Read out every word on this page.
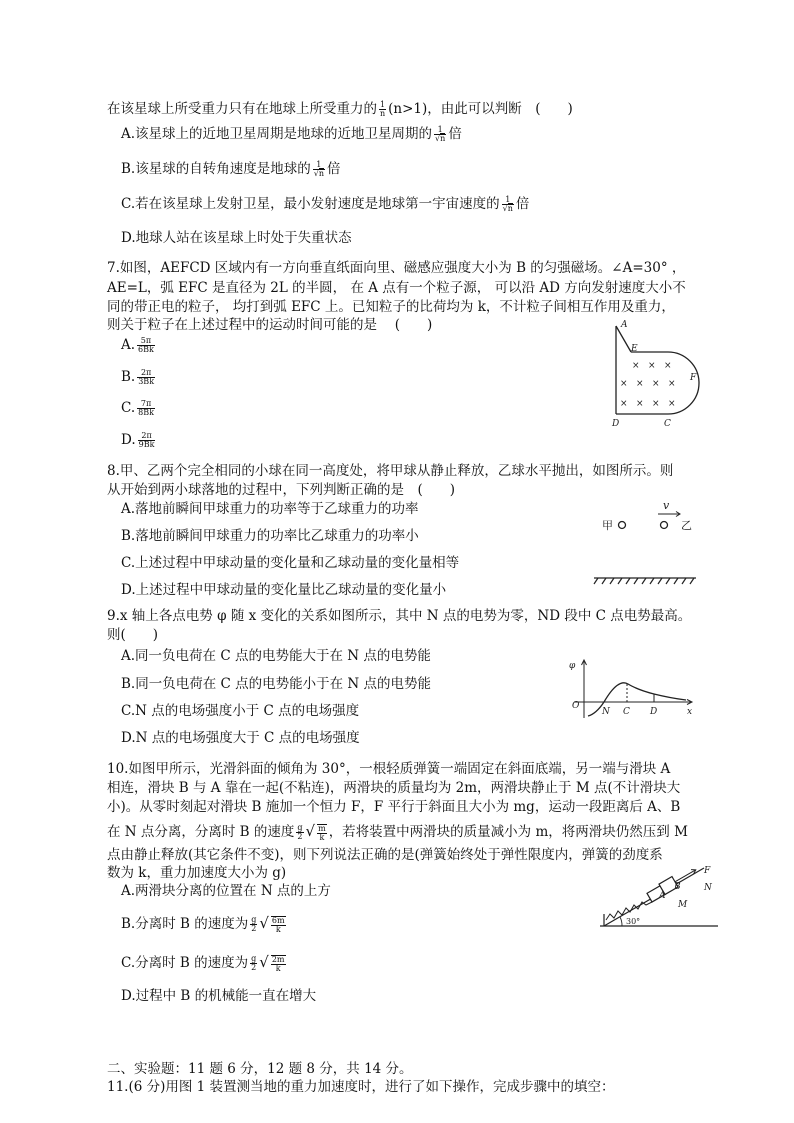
在该星球上所受重力只有在地球上所受重力的 $\frac{1}{n} (n>1)$，由此可以判断　(　　)
A.该星球上的近地卫星周期是地球的近地卫星周期的 $\frac{1}{√n}$ 倍
B.该星球的自转角速度是地球的 $\frac{1}{√n}$ 倍
C.若在该星球上发射卫星，最小发射速度是地球第一宇宙速度的 $\frac{1}{√n}$ 倍
D.地球人站在该星球上时处于失重状态
7.如图，AEFCD 区域内有一方向垂直纸面向里、磁感应强度大小为 B 的匀强磁场。∠A=30° ，
AE=L，弧 EFC 是直径为 2L 的半圆， 在 A 点有一个粒子源， 可以沿 AD 方向发射速度大小不
同的带正电的粒子， 均打到弧 EFC 上。已知粒子的比荷均为 k，不计粒子间相互作用及重力，
则关于粒子在上述过程中的运动时间可能的是　 (　　)
A. $\frac{5\pi}{6Bk}$
B. $\frac{2\pi}{3Bk}$
C. $\frac{7\pi}{8Bk}$
D. $\frac{2\pi}{9Bk}$
A
E
F
D	C
× × ×
× × × ×
× × × ×
8.甲、乙两个完全相同的小球在同一高度处，将甲球从静止释放，乙球水平抛出，如图所示。则
从开始到两小球落地的过程中，下列判断正确的是　(　　)
A.落地前瞬间甲球重力的功率等于乙球重力的功率
B.落地前瞬间甲球重力的功率比乙球重力的功率小
C.上述过程中甲球动量的变化量和乙球动量的变化量相等
D.上述过程中甲球动量的变化量比乙球动量的变化量小
甲	乙
v
9.x 轴上各点电势 φ 随 x 变化的关系如图所示，其中 N 点的电势为零，ND 段中 C 点电势最高。
则(　　)
A.同一负电荷在 C 点的电势能大于在 N 点的电势能
B.同一负电荷在 C 点的电势能小于在 N 点的电势能
C.N 点的电场强度小于 C 点的电场强度
D.N 点的电场强度大于 C 点的电场强度
φ
O
N C D	x
10.如图甲所示，光滑斜面的倾角为 30°，一根轻质弹簧一端固定在斜面底端，另一端与滑块 A
相连，滑块 B 与 A 靠在一起(不粘连)，两滑块的质量均为 2m，两滑块静止于 M 点(不计滑块大
小)。从零时刻起对滑块 B 施加一个恒力 F，F 平行于斜面且大小为 mg，运动一段距离后 A、B
在 N 点分离，分离时 B 的速度 $\frac{g}{2}$ √ $\frac{m}{k}$ ，若将装置中两滑块的质量减小为 m，将两滑块仍然压到 M
点由静止释放(其它条件不变)，则下列说法正确的是(弹簧始终处于弹性限度内，弹簧的劲度系
数为 k，重力加速度大小为 g)
A.两滑块分离的位置在 N 点的上方
B.分离时 B 的速度为 $\frac{g}{2}$ √ $\frac{6m}{k}$
C.分离时 B 的速度为 $\frac{g}{2}$ √ $\frac{2m}{k}$
D.过程中 B 的机械能一直在增大
F
A
B	N
M
30°
二、实验题：11 题 6 分，12 题 8 分，共 14 分。
11.(6 分)用图 1 装置测当地的重力加速度时，进行了如下操作，完成步骤中的填空：
